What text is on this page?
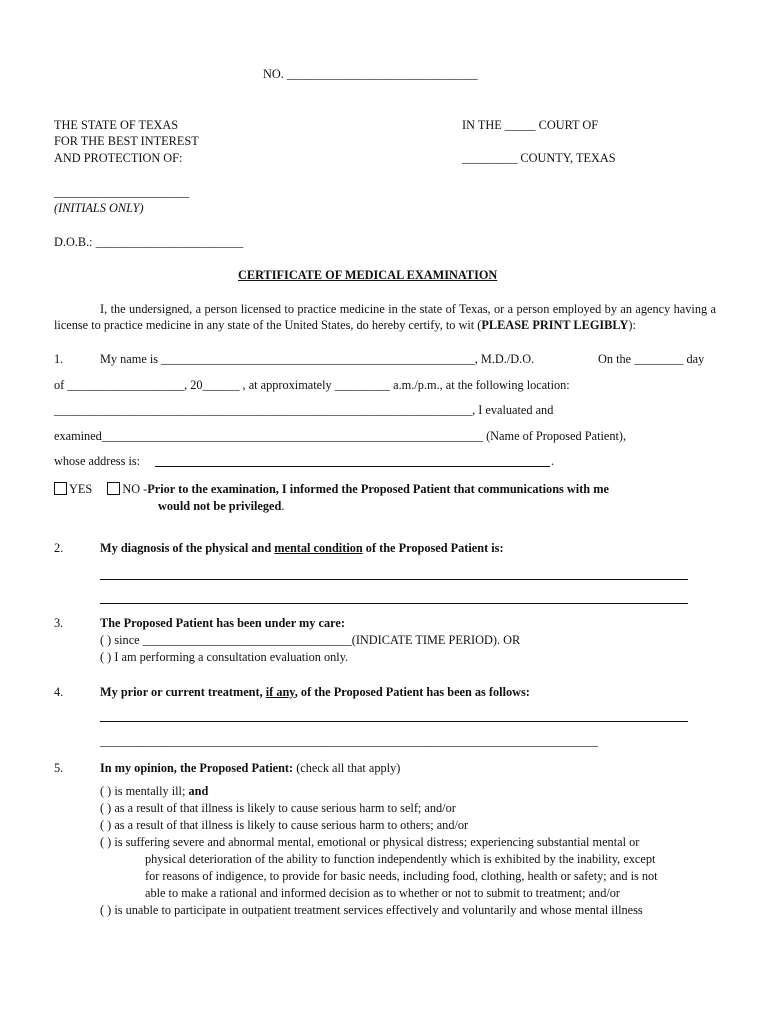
NO. _______________________________
THE STATE OF TEXAS
FOR THE BEST INTEREST
AND PROTECTION OF:
IN THE _____ COURT OF
_________ COUNTY, TEXAS
______________________
(INITIALS ONLY)
D.O.B.: ________________________
CERTIFICATE OF MEDICAL EXAMINATION
I, the undersigned, a person licensed to practice medicine in the state of Texas, or a person employed by an agency having a license to practice medicine in any state of the United States, do hereby certify, to wit (PLEASE PRINT LEGIBLY):
1.	My name is ___________________________________________________, M.D./D.O.	On the ________ day
of ___________________, 20______ , at approximately _________ a.m./p.m., at the following location:
____________________________________________________________________, I evaluated and
examined______________________________________________________________ (Name of Proposed Patient),
whose address is:	.
YES NO -Prior to the examination, I informed the Proposed Patient that communications with me
would not be privileged.
2.	My diagnosis of the physical and mental condition of the Proposed Patient is:
3.	The Proposed Patient has been under my care:
( ) since __________________________________(INDICATE TIME PERIOD). OR
( ) I am performing a consultation evaluation only.
4.	My prior or current treatment, if any, of the Proposed Patient has been as follows:
_________________________________________________________________________________
5.	In my opinion, the Proposed Patient: (check all that apply)
( ) is mentally ill; and
( ) as a result of that illness is likely to cause serious harm to self; and/or
( ) as a result of that illness is likely to cause serious harm to others; and/or
( ) is suffering severe and abnormal mental, emotional or physical distress; experiencing substantial mental or
physical deterioration of the ability to function independently which is exhibited by the inability, except
for reasons of indigence, to provide for basic needs, including food, clothing, health or safety; and is not
able to make a rational and informed decision as to whether or not to submit to treatment; and/or
( ) is unable to participate in outpatient treatment services effectively and voluntarily and whose mental illness
